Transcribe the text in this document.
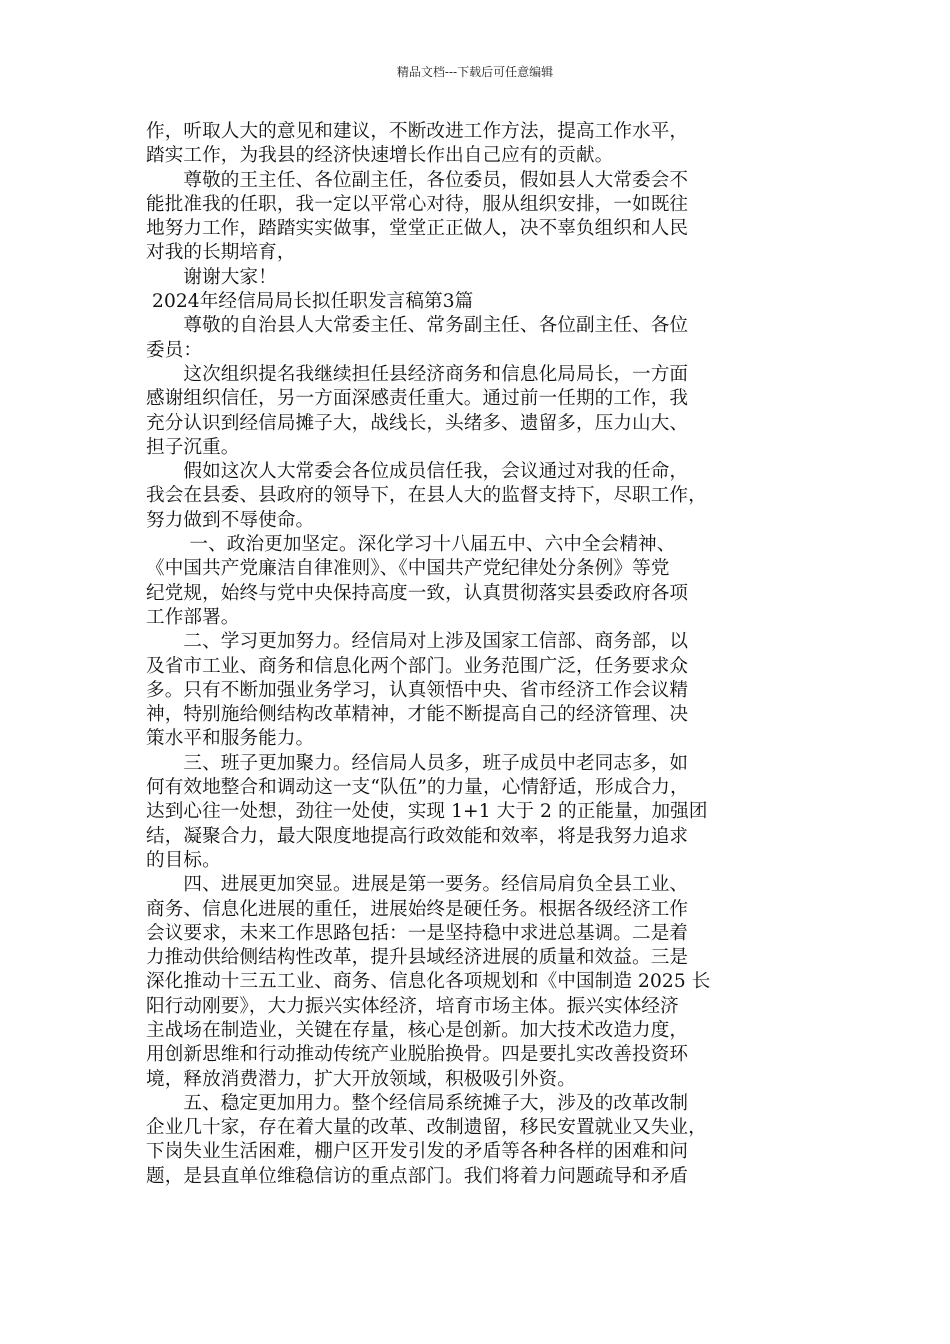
精品文档---下载后可任意编辑

作，听取人大的意见和建议，不断改进工作方法，提高工作水平，

踏实工作，为我县的经济快速增长作出自己应有的贡献。

　　尊敬的王主任、各位副主任，各位委员，假如县人大常委会不

能批准我的任职，我一定以平常心对待，服从组织安排，一如既往

地努力工作，踏踏实实做事，堂堂正正做人，决不辜负组织和人民

对我的长期培育，

　　谢谢大家！

2024年经信局局长拟任职发言稿第3篇

　　尊敬的自治县人大常委主任、常务副主任、各位副主任、各位

委员：

　　这次组织提名我继续担任县经济商务和信息化局局长，一方面

感谢组织信任，另一方面深感责任重大。通过前一任期的工作，我

充分认识到经信局摊子大，战线长，头绪多、遗留多，压力山大、

担子沉重。

　　假如这次人大常委会各位成员信任我，会议通过对我的任命，

我会在县委、县政府的领导下，在县人大的监督支持下，尽职工作，

努力做到不辱使命。

　　 一、政治更加坚定。深化学习十八届五中、六中全会精神、

《中国共产党廉洁自律准则》、《中国共产党纪律处分条例》等党

纪党规，始终与党中央保持高度一致，认真贯彻落实县委政府各项

工作部署。

　　二、学习更加努力。经信局对上涉及国家工信部、商务部，以

及省市工业、商务和信息化两个部门。业务范围广泛，任务要求众

多。只有不断加强业务学习，认真领悟中央、省市经济工作会议精

神，特别施给侧结构改革精神，才能不断提高自己的经济管理、决

策水平和服务能力。

　　三、班子更加聚力。经信局人员多，班子成员中老同志多，如

何有效地整合和调动这一支“队伍”的力量，心情舒适，形成合力，

达到心往一处想，劲往一处使，实现 1+1 大于 2 的正能量，加强团

结，凝聚合力，最大限度地提高行政效能和效率，将是我努力追求

的目标。

　　四、进展更加突显。进展是第一要务。经信局肩负全县工业、

商务、信息化进展的重任，进展始终是硬任务。根据各级经济工作

会议要求，未来工作思路包括：一是坚持稳中求进总基调。二是着

力推动供给侧结构性改革，提升县域经济进展的质量和效益。三是

深化推动十三五工业、商务、信息化各项规划和《中国制造 2025 长

阳行动刚要》，大力振兴实体经济，培育市场主体。振兴实体经济

主战场在制造业，关键在存量，核心是创新。加大技术改造力度，

用创新思维和行动推动传统产业脱胎换骨。四是要扎实改善投资环

境，释放消费潜力，扩大开放领域，积极吸引外资。

　　五、稳定更加用力。整个经信局系统摊子大，涉及的改革改制

企业几十家，存在着大量的改革、改制遗留，移民安置就业又失业，

下岗失业生活困难，棚户区开发引发的矛盾等各种各样的困难和问

题，是县直单位维稳信访的重点部门。我们将着力问题疏导和矛盾
